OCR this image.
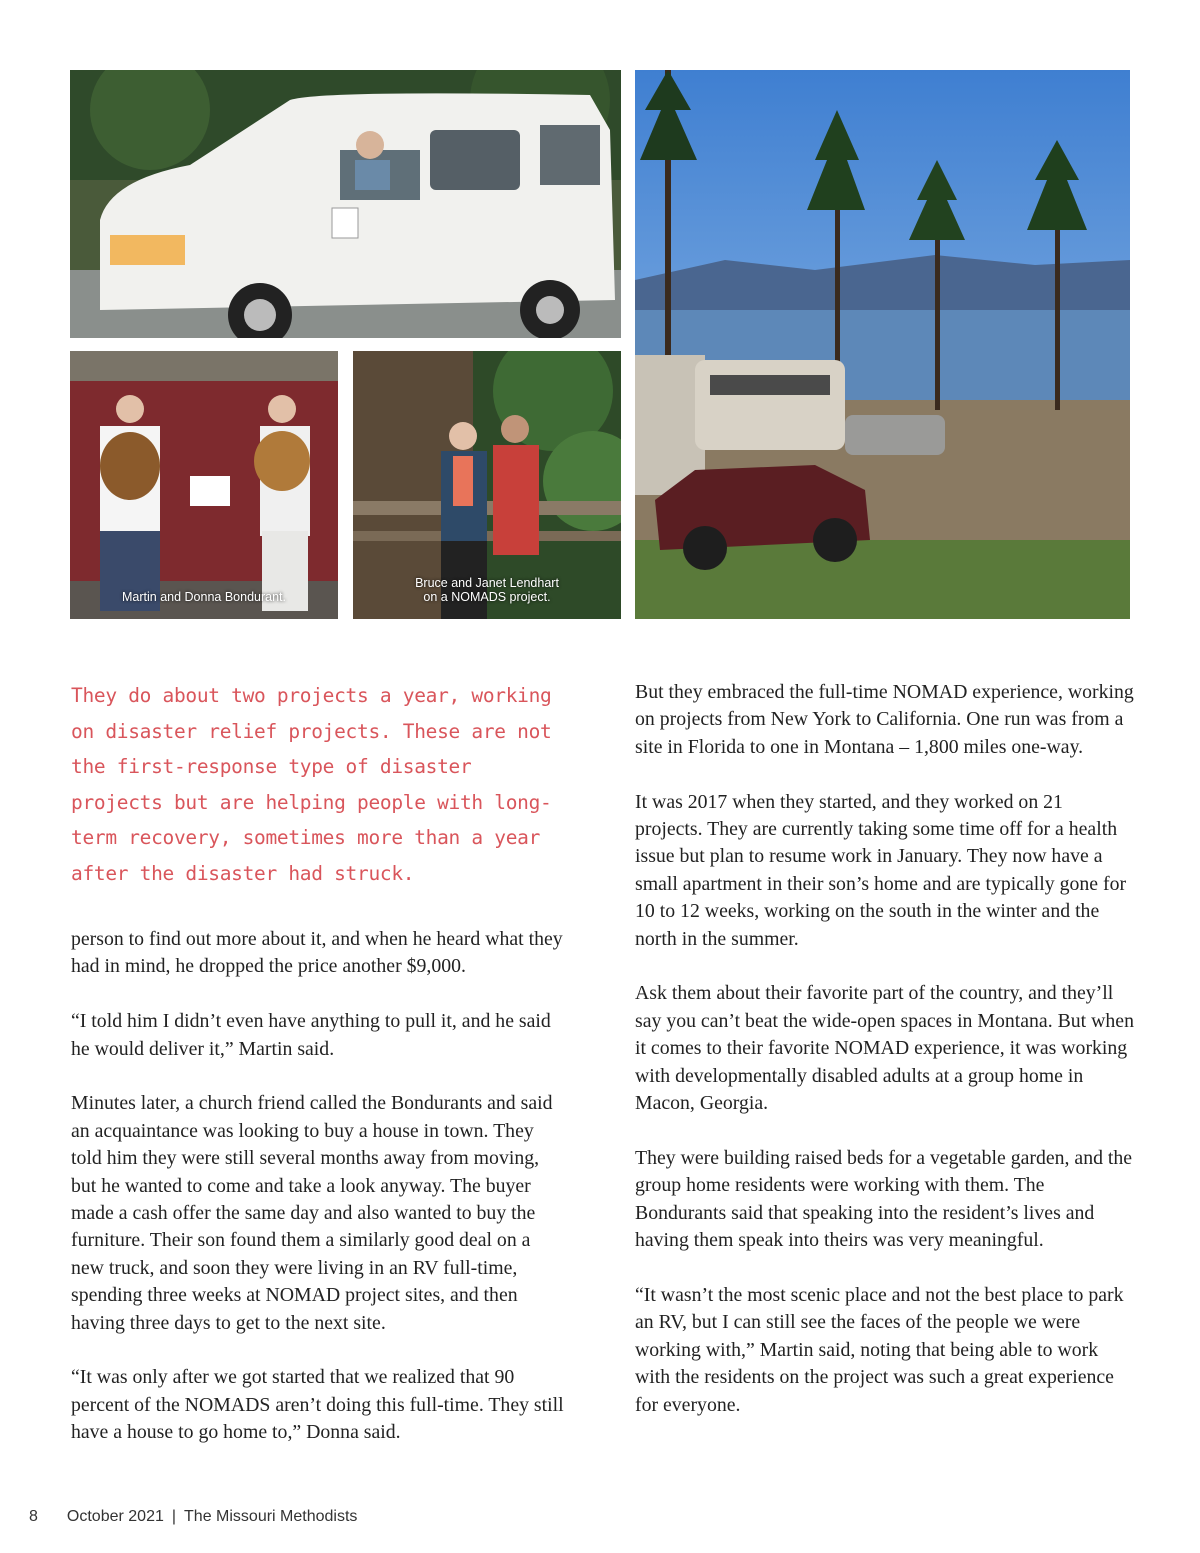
Martin and Donna Bondurant.
Bruce and Janet Lendhart
on a NOMADS project.

They do about two projects a year, working on disaster relief projects. These are not the first-response type of disaster projects but are helping people with long-term recovery, sometimes more than a year after the disaster had struck.

person to find out more about it, and when he heard what they had in mind, he dropped the price another $9,000.

“I told him I didn’t even have anything to pull it, and he said he would deliver it,” Martin said.

Minutes later, a church friend called the Bondurants and said an acquaintance was looking to buy a house in town. They told him they were still several months away from moving, but he wanted to come and take a look anyway. The buyer made a cash offer the same day and also wanted to buy the furniture. Their son found them a similarly good deal on a new truck, and soon they were living in an RV full-time, spending three weeks at NOMAD project sites, and then having three days to get to the next site.

“It was only after we got started that we realized that 90 percent of the NOMADS aren’t doing this full-time. They still have a house to go home to,” Donna said.

But they embraced the full-time NOMAD experience, working on projects from New York to California. One run was from a site in Florida to one in Montana – 1,800 miles one-way.

It was 2017 when they started, and they worked on 21 projects. They are currently taking some time off for a health issue but plan to resume work in January. They now have a small apartment in their son’s home and are typically gone for 10 to 12 weeks, working on the south in the winter and the north in the summer.

Ask them about their favorite part of the country, and they’ll say you can’t beat the wide-open spaces in Montana. But when it comes to their favorite NOMAD experience, it was working with developmentally disabled adults at a group home in Macon, Georgia.

They were building raised beds for a vegetable garden, and the group home residents were working with them. The Bondurants said that speaking into the resident’s lives and having them speak into theirs was very meaningful.

“It wasn’t the most scenic place and not the best place to park an RV, but I can still see the faces of the people we were working with,” Martin said, noting that being able to work with the residents on the project was such a great experience for everyone.

8 October 2021 | The Missouri Methodists
